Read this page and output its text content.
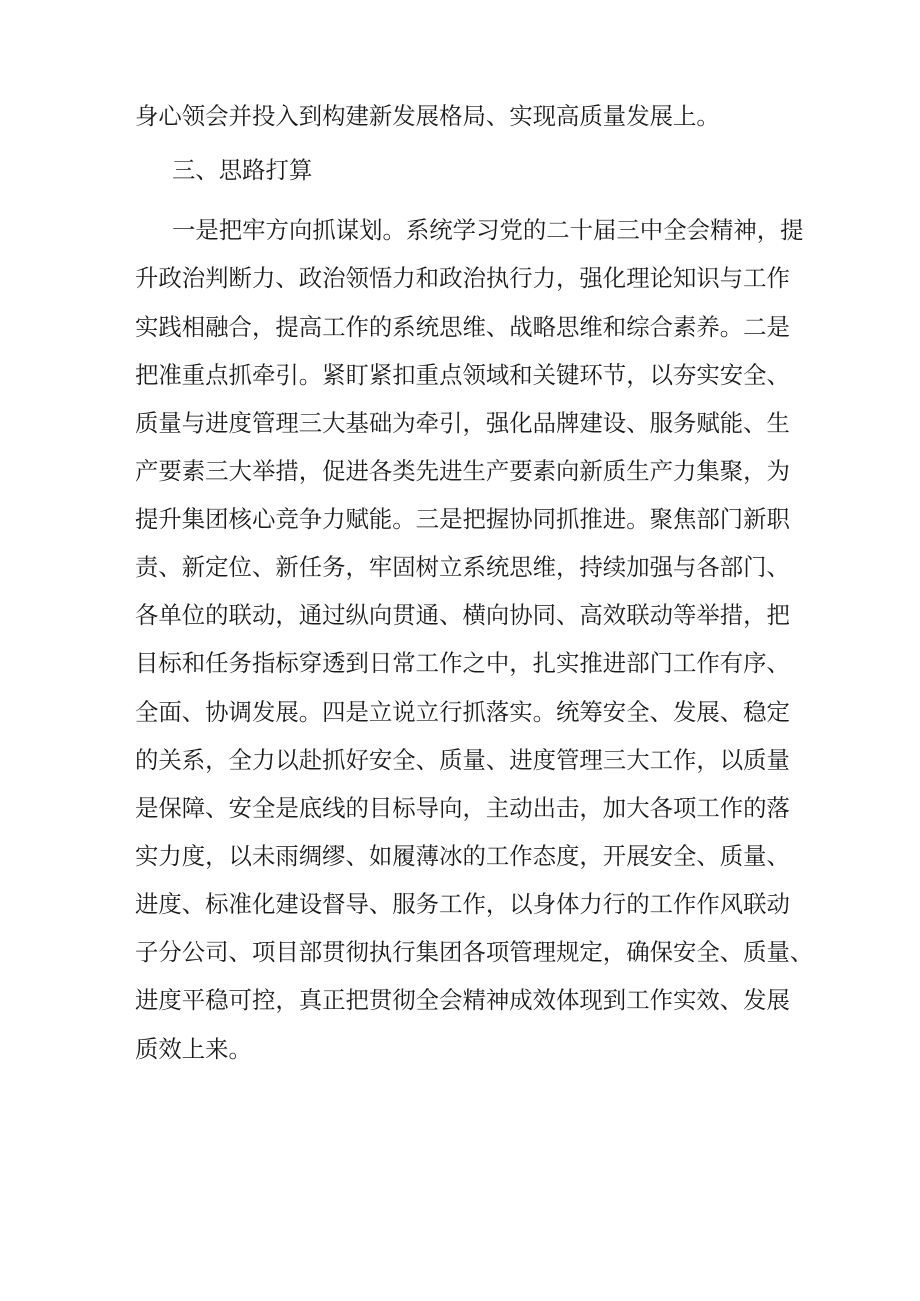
身心领会并投入到构建新发展格局、实现高质量发展上。

三、思路打算

一是把牢方向抓谋划。系统学习党的二十届三中全会精神，提

升政治判断力、政治领悟力和政治执行力，强化理论知识与工作

实践相融合，提高工作的系统思维、战略思维和综合素养。二是

把准重点抓牵引。紧盯紧扣重点领域和关键环节，以夯实安全、

质量与进度管理三大基础为牵引，强化品牌建设、服务赋能、生

产要素三大举措，促进各类先进生产要素向新质生产力集聚，为

提升集团核心竞争力赋能。三是把握协同抓推进。聚焦部门新职

责、新定位、新任务，牢固树立系统思维，持续加强与各部门、

各单位的联动，通过纵向贯通、横向协同、高效联动等举措，把

目标和任务指标穿透到日常工作之中，扎实推进部门工作有序、

全面、协调发展。四是立说立行抓落实。统筹安全、发展、稳定

的关系，全力以赴抓好安全、质量、进度管理三大工作，以质量

是保障、安全是底线的目标导向，主动出击，加大各项工作的落

实力度，以未雨绸缪、如履薄冰的工作态度，开展安全、质量、

进度、标准化建设督导、服务工作，以身体力行的工作作风联动

子分公司、项目部贯彻执行集团各项管理规定，确保安全、质量、

进度平稳可控，真正把贯彻全会精神成效体现到工作实效、发展

质效上来。
